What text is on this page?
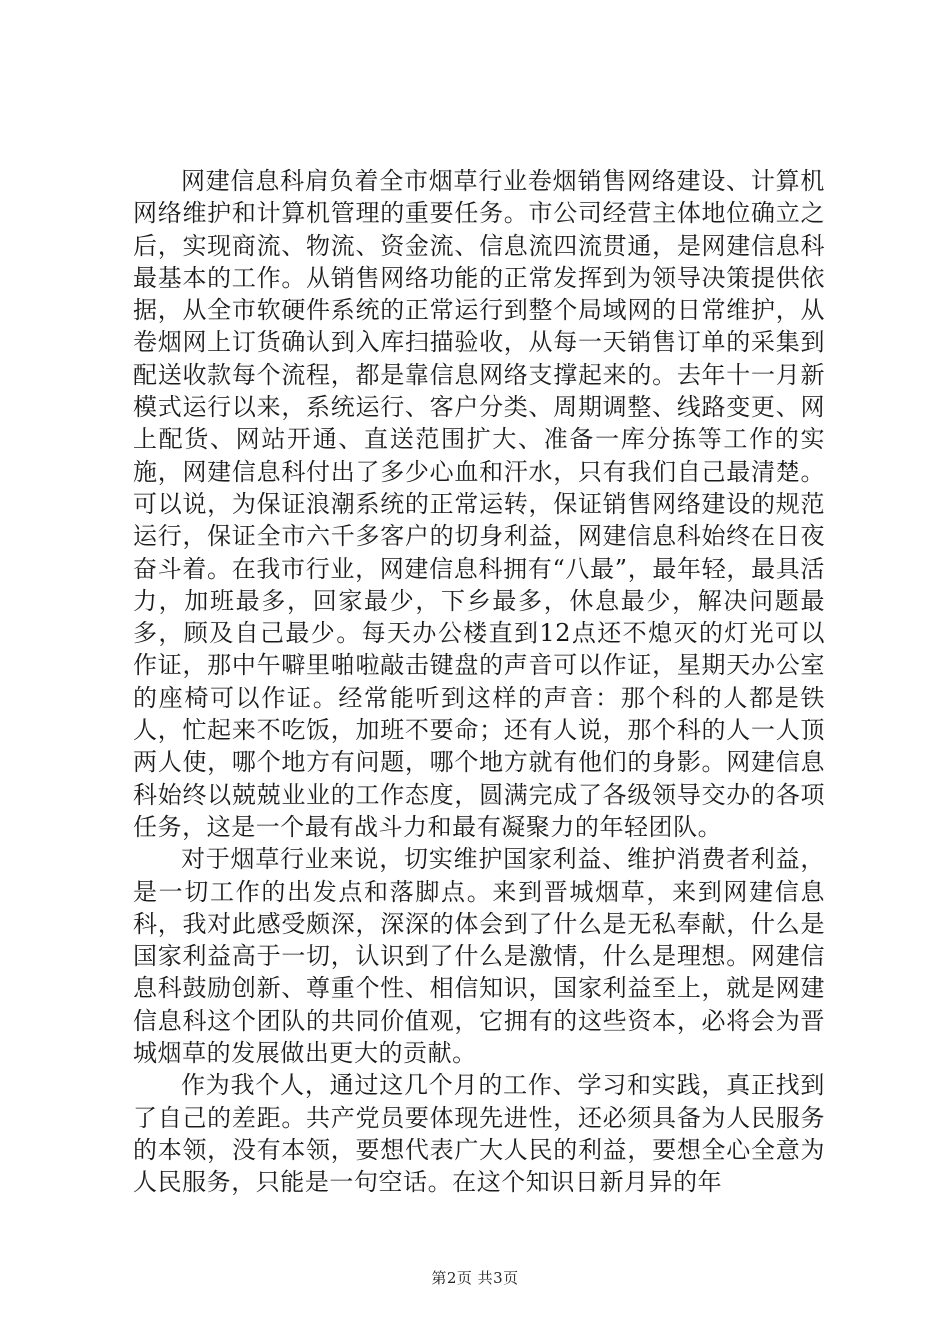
网建信息科肩负着全市烟草行业卷烟销售网络建设、计算机网络维护和计算机管理的重要任务。市公司经营主体地位确立之后，实现商流、物流、资金流、信息流四流贯通，是网建信息科最基本的工作。从销售网络功能的正常发挥到为领导决策提供依据，从全市软硬件系统的正常运行到整个局域网的日常维护，从卷烟网上订货确认到入库扫描验收，从每一天销售订单的采集到配送收款每个流程，都是靠信息网络支撑起来的。去年十一月新模式运行以来，系统运行、客户分类、周期调整、线路变更、网上配货、网站开通、直送范围扩大、准备一库分拣等工作的实施，网建信息科付出了多少心血和汗水，只有我们自己最清楚。可以说，为保证浪潮系统的正常运转，保证销售网络建设的规范运行，保证全市六千多客户的切身利益，网建信息科始终在日夜奋斗着。在我市行业，网建信息科拥有“八最”，最年轻，最具活力，加班最多，回家最少，下乡最多，休息最少，解决问题最多，顾及自己最少。每天办公楼直到12点还不熄灭的灯光可以作证，那中午噼里啪啦敲击键盘的声音可以作证，星期天办公室的座椅可以作证。经常能听到这样的声音：那个科的人都是铁人，忙起来不吃饭，加班不要命；还有人说，那个科的人一人顶两人使，哪个地方有问题，哪个地方就有他们的身影。网建信息科始终以兢兢业业的工作态度，圆满完成了各级领导交办的各项任务，这是一个最有战斗力和最有凝聚力的年轻团队。

对于烟草行业来说，切实维护国家利益、维护消费者利益，是一切工作的出发点和落脚点。来到晋城烟草，来到网建信息科，我对此感受颇深，深深的体会到了什么是无私奉献，什么是国家利益高于一切，认识到了什么是激情，什么是理想。网建信息科鼓励创新、尊重个性、相信知识，国家利益至上，就是网建信息科这个团队的共同价值观，它拥有的这些资本，必将会为晋城烟草的发展做出更大的贡献。

作为我个人，通过这几个月的工作、学习和实践，真正找到了自己的差距。共产党员要体现先进性，还必须具备为人民服务的本领，没有本领，要想代表广大人民的利益，要想全心全意为人民服务，只能是一句空话。在这个知识日新月异的年

第2页 共3页
